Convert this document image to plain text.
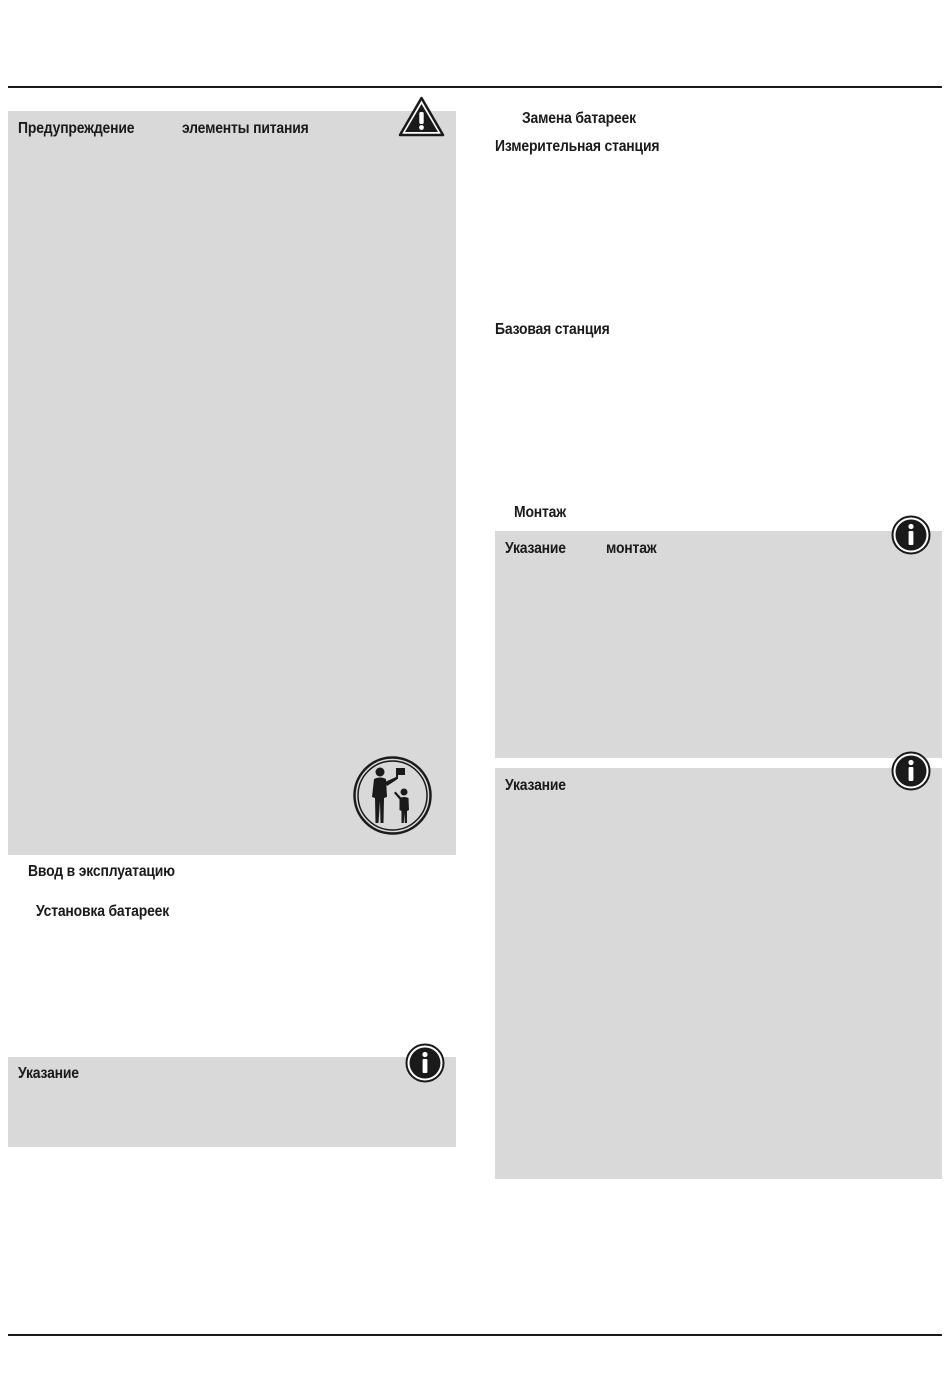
Предупреждение	элементы питания
Ввод в эксплуатацию
Установка батареек
Указание
Замена батареек
Измерительная станция
Базовая станция
Монтаж
Указание	монтаж
Указание
